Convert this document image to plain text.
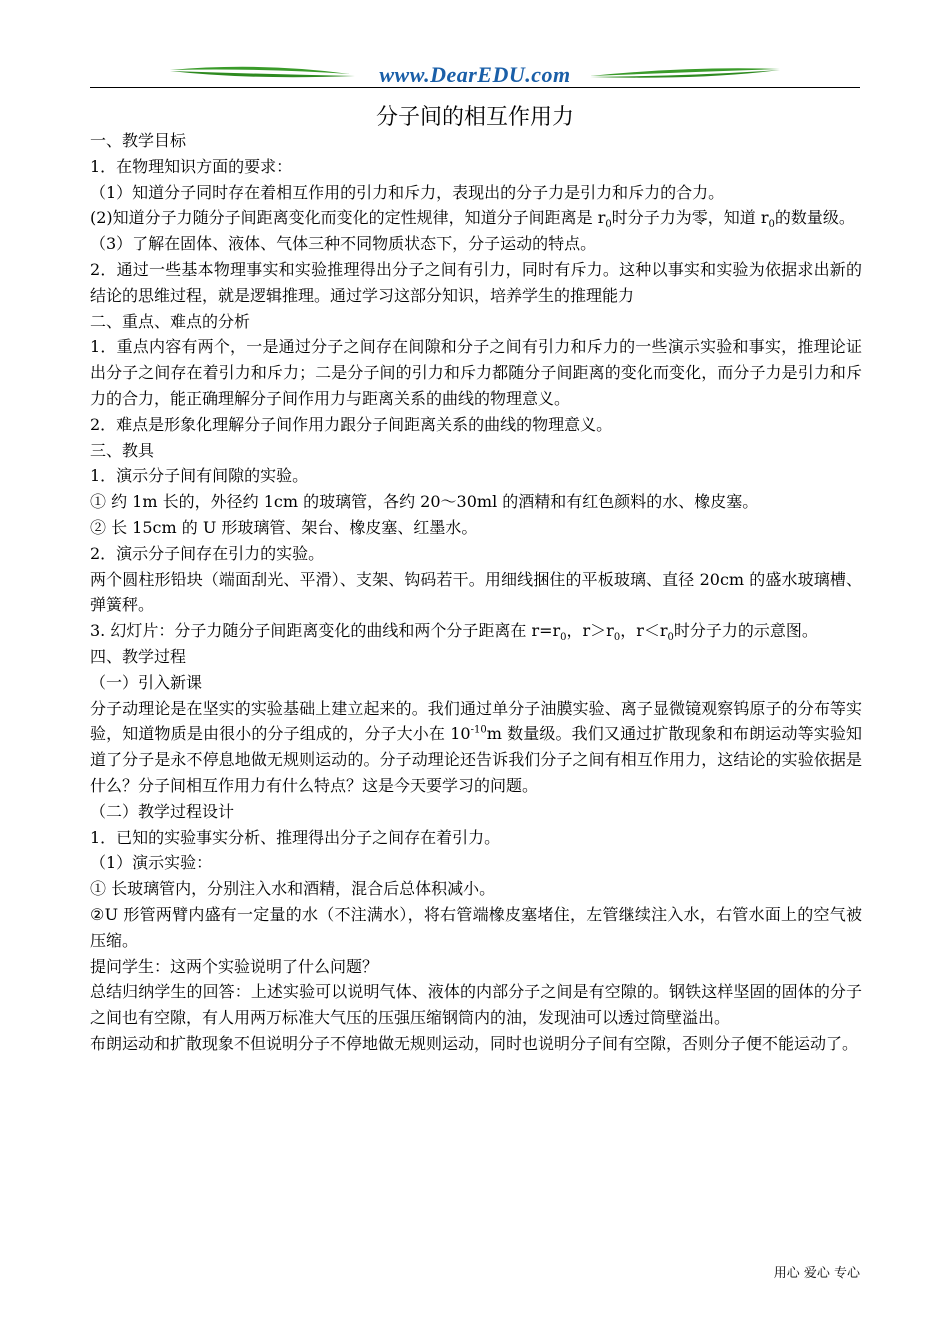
www.DearEDU.com
分子间的相互作用力

一、教学目标

1．在物理知识方面的要求：

（1）知道分子同时存在着相互作用的引力和斥力，表现出的分子力是引力和斥力的合力。

(2)知道分子力随分子间距离变化而变化的定性规律，知道分子间距离是 $r_0$时分子力为零，知道 $r_0$的数量级。

（3）了解在固体、液体、气体三种不同物质状态下，分子运动的特点。

2．通过一些基本物理事实和实验推理得出分子之间有引力，同时有斥力。这种以事实和实验为依据求出新的结论的思维过程，就是逻辑推理。通过学习这部分知识，培养学生的推理能力

二、重点、难点的分析

1．重点内容有两个，一是通过分子之间存在间隙和分子之间有引力和斥力的一些演示实验和事实，推理论证出分子之间存在着引力和斥力；二是分子间的引力和斥力都随分子间距离的变化而变化，而分子力是引力和斥力的合力，能正确理解分子间作用力与距离关系的曲线的物理意义。

2．难点是形象化理解分子间作用力跟分子间距离关系的曲线的物理意义。

三、教具

1．演示分子间有间隙的实验。

① 约 1m 长的，外径约 1cm 的玻璃管，各约 20～30ml 的酒精和有红色颜料的水、橡皮塞。

② 长 15cm 的 U 形玻璃管、架台、橡皮塞、红墨水。

2．演示分子间存在引力的实验。

两个圆柱形铅块（端面刮光、平滑）、支架、钩码若干。用细线捆住的平板玻璃、直径 20cm 的盛水玻璃槽、弹簧秤。

3. 幻灯片：分子力随分子间距离变化的曲线和两个分子距离在 $r=r_0$，$r>r_0$，$r<r_0$时分子力的示意图。

四、教学过程

（一）引入新课

分子动理论是在坚实的实验基础上建立起来的。我们通过单分子油膜实验、离子显微镜观察钨原子的分布等实验，知道物质是由很小的分子组成的，分子大小在 $10^{-10}m$ 数量级。我们又通过扩散现象和布朗运动等实验知道了分子是永不停息地做无规则运动的。分子动理论还告诉我们分子之间有相互作用力，这结论的实验依据是什么？分子间相互作用力有什么特点？这是今天要学习的问题。

（二）教学过程设计

1．已知的实验事实分析、推理得出分子之间存在着引力。

（1）演示实验：

① 长玻璃管内，分别注入水和酒精，混合后总体积减小。

②U 形管两臂内盛有一定量的水（不注满水），将右管端橡皮塞堵住，左管继续注入水，右管水面上的空气被压缩。

提问学生：这两个实验说明了什么问题？

总结归纳学生的回答：上述实验可以说明气体、液体的内部分子之间是有空隙的。钢铁这样坚固的固体的分子之间也有空隙，有人用两万标准大气压的压强压缩钢筒内的油，发现油可以透过筒壁溢出。

布朗运动和扩散现象不但说明分子不停地做无规则运动，同时也说明分子间有空隙，否则分子便不能运动了。

用心 爱心 专心
